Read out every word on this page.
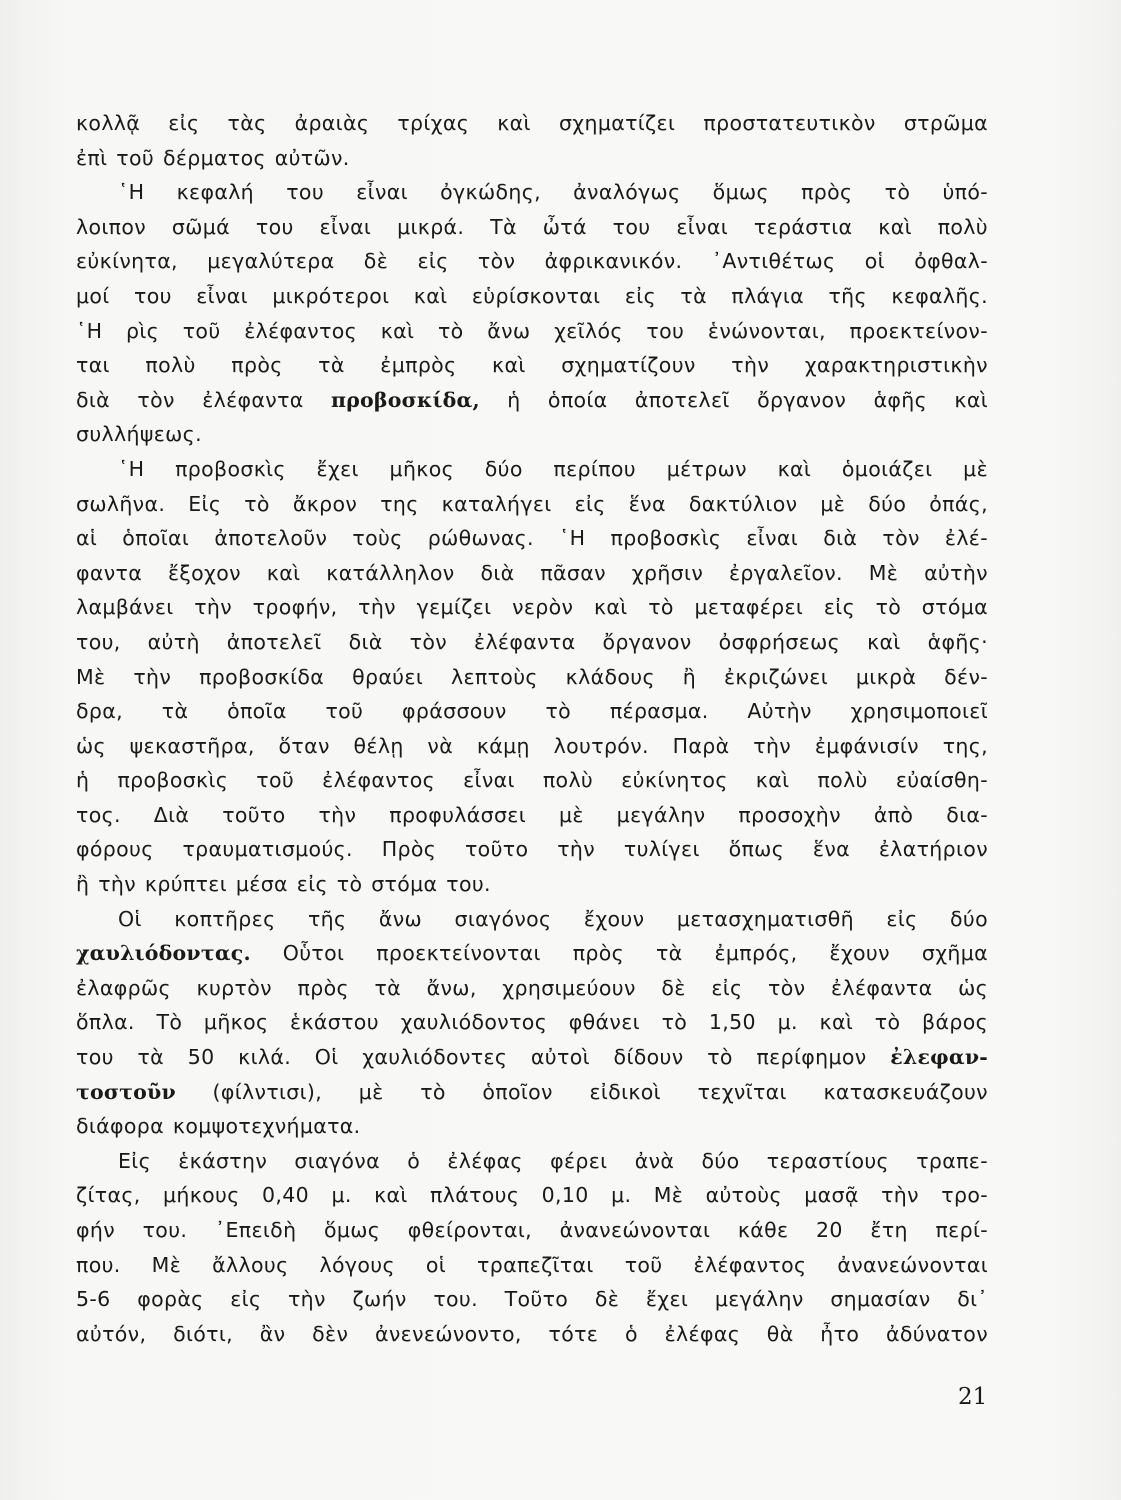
κολλᾷ εἰς τὰς ἀραιὰς τρίχας καὶ σχηματίζει προστατευτικὸν στρῶμα
ἐπὶ τοῦ δέρματος αὐτῶν.
῾Η κεφαλή του εἶναι ὀγκώδης, ἀναλόγως ὅμως πρὸς τὸ ὑπό-
λοιπον σῶμά του εἶναι μικρά. Τὰ ὦτά του εἶναι τεράστια καὶ πολὺ
εὐκίνητα, μεγαλύτερα δὲ εἰς τὸν ἀφρικανικόν. ᾽Αντιθέτως οἱ ὀφθαλ-
μοί του εἶναι μικρότεροι καὶ εὑρίσκονται εἰς τὰ πλάγια τῆς κεφαλῆς.
῾Η ρὶς τοῦ ἐλέφαντος καὶ τὸ ἄνω χεῖλός του ἑνώνονται, προεκτείνον-
ται πολὺ πρὸς τὰ ἐμπρὸς καὶ σχηματίζουν τὴν χαρακτηριστικὴν
διὰ τὸν ἐλέφαντα προβοσκίδα, ἡ ὁποία ἀποτελεῖ ὄργανον ἁφῆς καὶ
συλλήψεως.
῾Η προβοσκὶς ἔχει μῆκος δύο περίπου μέτρων καὶ ὁμοιάζει μὲ
σωλῆνα. Εἰς τὸ ἄκρον της καταλήγει εἰς ἕνα δακτύλιον μὲ δύο ὀπάς,
αἱ ὁποῖαι ἀποτελοῦν τοὺς ρώθωνας. ῾Η προβοσκὶς εἶναι διὰ τὸν ἐλέ-
φαντα ἔξοχον καὶ κατάλληλον διὰ πᾶσαν χρῆσιν ἐργαλεῖον. Μὲ αὐτὴν
λαμβάνει τὴν τροφήν, τὴν γεμίζει νερὸν καὶ τὸ μεταφέρει εἰς τὸ στόμα
του, αὐτὴ ἀποτελεῖ διὰ τὸν ἐλέφαντα ὄργανον ὀσφρήσεως καὶ ἁφῆς·
Μὲ τὴν προβοσκίδα θραύει λεπτοὺς κλάδους ἢ ἐκριζώνει μικρὰ δέν-
δρα, τὰ ὁποῖα τοῦ φράσσουν τὸ πέρασμα. Αὐτὴν χρησιμοποιεῖ
ὡς ψεκαστῆρα, ὅταν θέλῃ νὰ κάμῃ λουτρόν. Παρὰ τὴν ἐμφάνισίν της,
ἡ προβοσκὶς τοῦ ἐλέφαντος εἶναι πολὺ εὐκίνητος καὶ πολὺ εὐαίσθη-
τος. Διὰ τοῦτο τὴν προφυλάσσει μὲ μεγάλην προσοχὴν ἀπὸ δια-
φόρους τραυματισμούς. Πρὸς τοῦτο τὴν τυλίγει ὅπως ἕνα ἐλατήριον
ἢ τὴν κρύπτει μέσα εἰς τὸ στόμα του.
Οἱ κοπτῆρες τῆς ἄνω σιαγόνος ἔχουν μετασχηματισθῆ εἰς δύο
χαυλιόδοντας. Οὗτοι προεκτείνονται πρὸς τὰ ἐμπρός, ἔχουν σχῆμα
ἐλαφρῶς κυρτὸν πρὸς τὰ ἄνω, χρησιμεύουν δὲ εἰς τὸν ἐλέφαντα ὡς
ὅπλα. Τὸ μῆκος ἑκάστου χαυλιόδοντος φθάνει τὸ 1,50 μ. καὶ τὸ βάρος
του τὰ 50 κιλά. Οἱ χαυλιόδοντες αὐτοὶ δίδουν τὸ περίφημον ἐλεφαν-
τοστοῦν (φίλντισι), μὲ τὸ ὁποῖον εἰδικοὶ τεχνῖται κατασκευάζουν
διάφορα κομψοτεχνήματα.
Εἰς ἑκάστην σιαγόνα ὁ ἐλέφας φέρει ἀνὰ δύο τεραστίους τραπε-
ζίτας, μήκους 0,40 μ. καὶ πλάτους 0,10 μ. Μὲ αὐτοὺς μασᾷ τὴν τρο-
φήν του. ᾽Επειδὴ ὅμως φθείρονται, ἀνανεώνονται κάθε 20 ἔτη περί-
που. Μὲ ἄλλους λόγους οἱ τραπεζῖται τοῦ ἐλέφαντος ἀνανεώνονται
5-6 φορὰς εἰς τὴν ζωήν του. Τοῦτο δὲ ἔχει μεγάλην σημασίαν δι᾽
αὐτόν, διότι, ἂν δὲν ἀνενεώνοντο, τότε ὁ ἐλέφας θὰ ἦτο ἀδύνατον
21
